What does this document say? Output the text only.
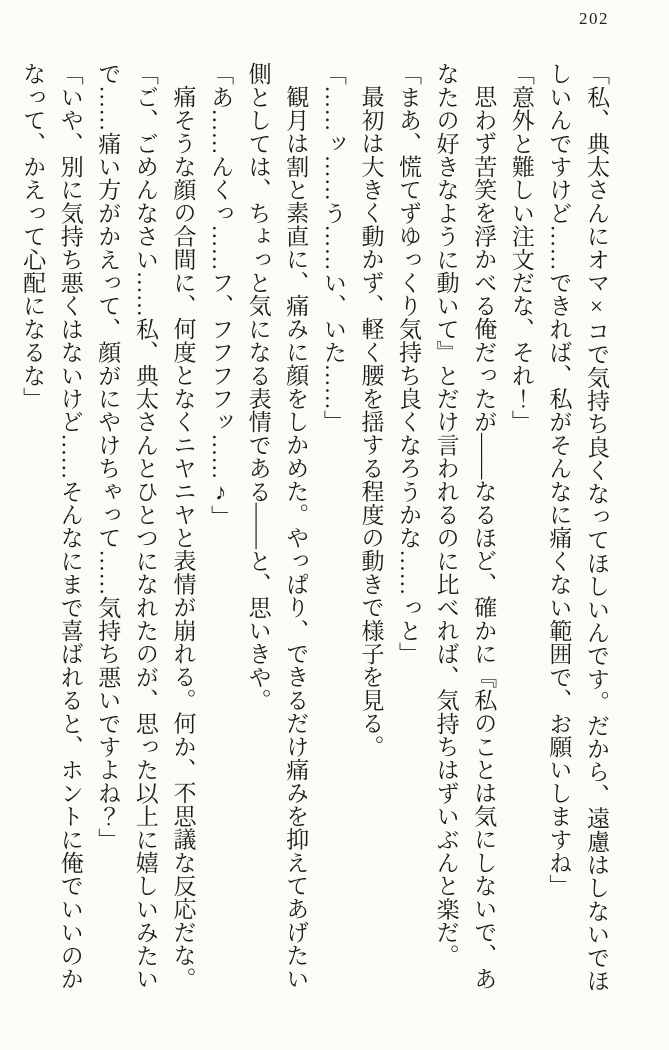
202

「私、典太さんにオマ×コで気持ち良くなってほしいんです。だから、遠慮はしないでほ

しいんですけど……できれば、私がそんなに痛くない範囲で、お願いしますね」

「意外と難しい注文だな、それ！」

思わず苦笑を浮かべる俺だったが――なるほど、確かに『私のことは気にしないで、あ

なたの好きなように動いて』とだけ言われるのに比べれば、気持ちはずいぶんと楽だ。

「まあ、慌てずゆっくり気持ち良くなろうかな……っと」

最初は大きく動かず、軽く腰を揺する程度の動きで様子を見る。

「……ッ……う……い、いた……」

観月は割と素直に、痛みに顔をしかめた。やっぱり、できるだけ痛みを抑えてあげたい

側としては、ちょっと気になる表情である――と、思いきや。

「あ……んくっ……フ、フフフフッ……♪」

痛そうな顔の合間に、何度となくニヤニヤと表情が崩れる。何か、不思議な反応だな。

「ご、ごめんなさい……私、典太さんとひとつになれたのが、思った以上に嬉しいみたい

で……痛い方がかえって、顔がにやけちゃって……気持ち悪いですよね？」

「いや、別に気持ち悪くはないけど……そんなにまで喜ばれると、ホントに俺でいいのか

なって、かえって心配になるな」
